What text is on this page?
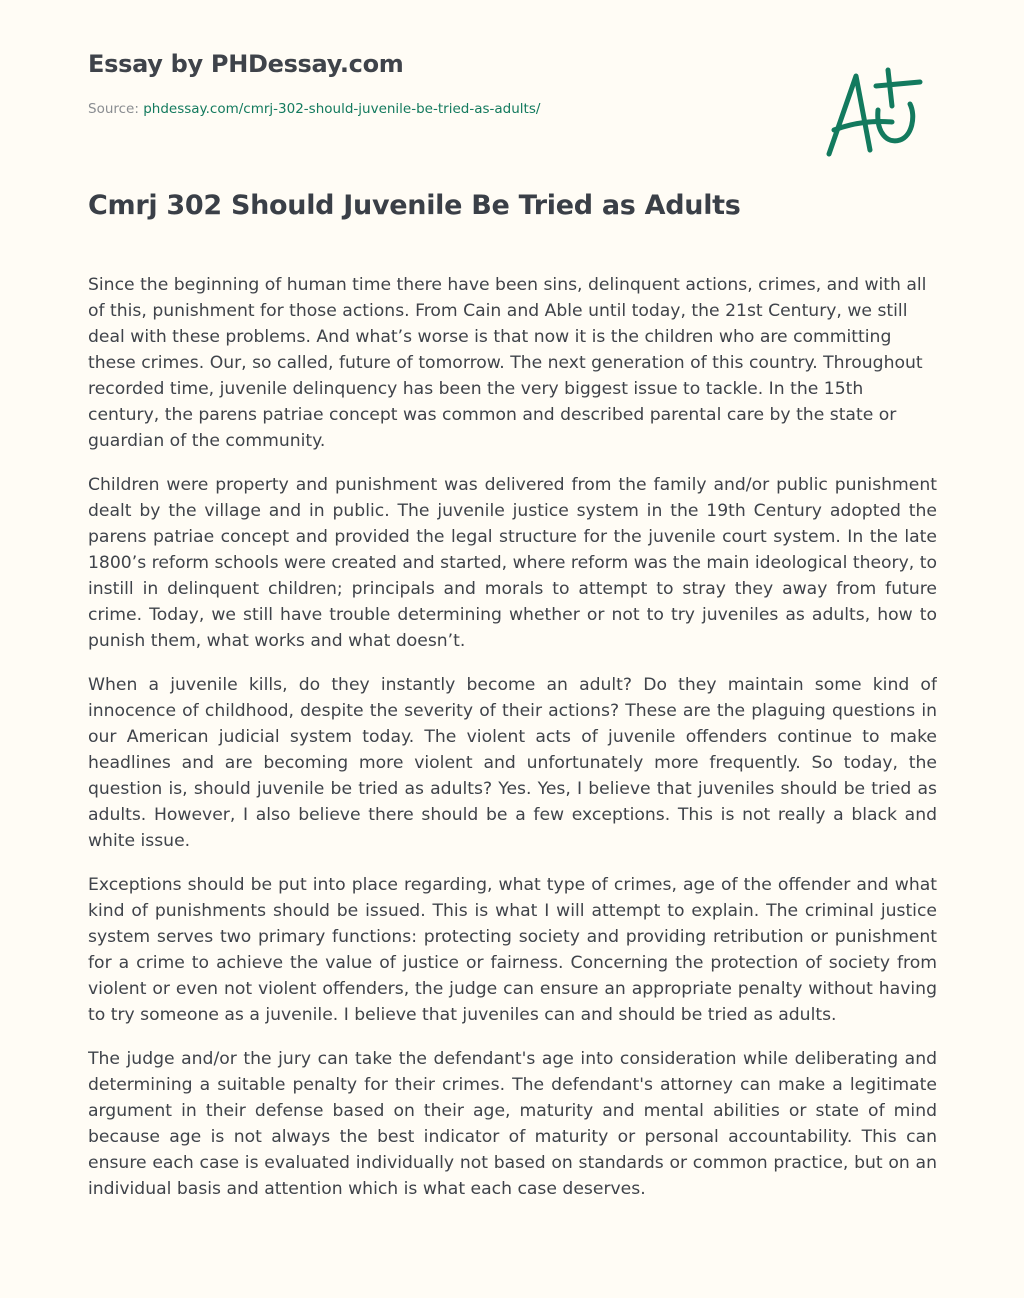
Essay by PHDessay.com
Source: phdessay.com/cmrj-302-should-juvenile-be-tried-as-adults/
Cmrj 302 Should Juvenile Be Tried as Adults

Since the beginning of human time there have been sins, delinquent actions, crimes, and with all of this, punishment for those actions. From Cain and Able until today, the 21st Century, we still deal with these problems. And what’s worse is that now it is the children who are committing these crimes. Our, so called, future of tomorrow. The next generation of this country. Throughout recorded time, juvenile delinquency has been the very biggest issue to tackle. In the 15th century, the parens patriae concept was common and described parental care by the state or guardian of the community.

Children were property and punishment was delivered from the family and/or public punishment dealt by the village and in public. The juvenile justice system in the 19th Century adopted the parens patriae concept and provided the legal structure for the juvenile court system. In the late 1800’s reform schools were created and started, where reform was the main ideological theory, to instill in delinquent children; principals and morals to attempt to stray they away from future crime. Today, we still have trouble determining whether or not to try juveniles as adults, how to punish them, what works and what doesn’t.

When a juvenile kills, do they instantly become an adult? Do they maintain some kind of innocence of childhood, despite the severity of their actions? These are the plaguing questions in our American judicial system today. The violent acts of juvenile offenders continue to make headlines and are becoming more violent and unfortunately more frequently. So today, the question is, should juvenile be tried as adults? Yes. Yes, I believe that juveniles should be tried as adults. However, I also believe there should be a few exceptions. This is not really a black and white issue.

Exceptions should be put into place regarding, what type of crimes, age of the offender and what kind of punishments should be issued. This is what I will attempt to explain. The criminal justice system serves two primary functions: protecting society and providing retribution or punishment for a crime to achieve the value of justice or fairness. Concerning the protection of society from violent or even not violent offenders, the judge can ensure an appropriate penalty without having to try someone as a juvenile. I believe that juveniles can and should be tried as adults.

The judge and/or the jury can take the defendant's age into consideration while deliberating and determining a suitable penalty for their crimes. The defendant's attorney can make a legitimate argument in their defense based on their age, maturity and mental abilities or state of mind because age is not always the best indicator of maturity or personal accountability. This can ensure each case is evaluated individually not based on standards or common practice, but on an individual basis and attention which is what each case deserves.
